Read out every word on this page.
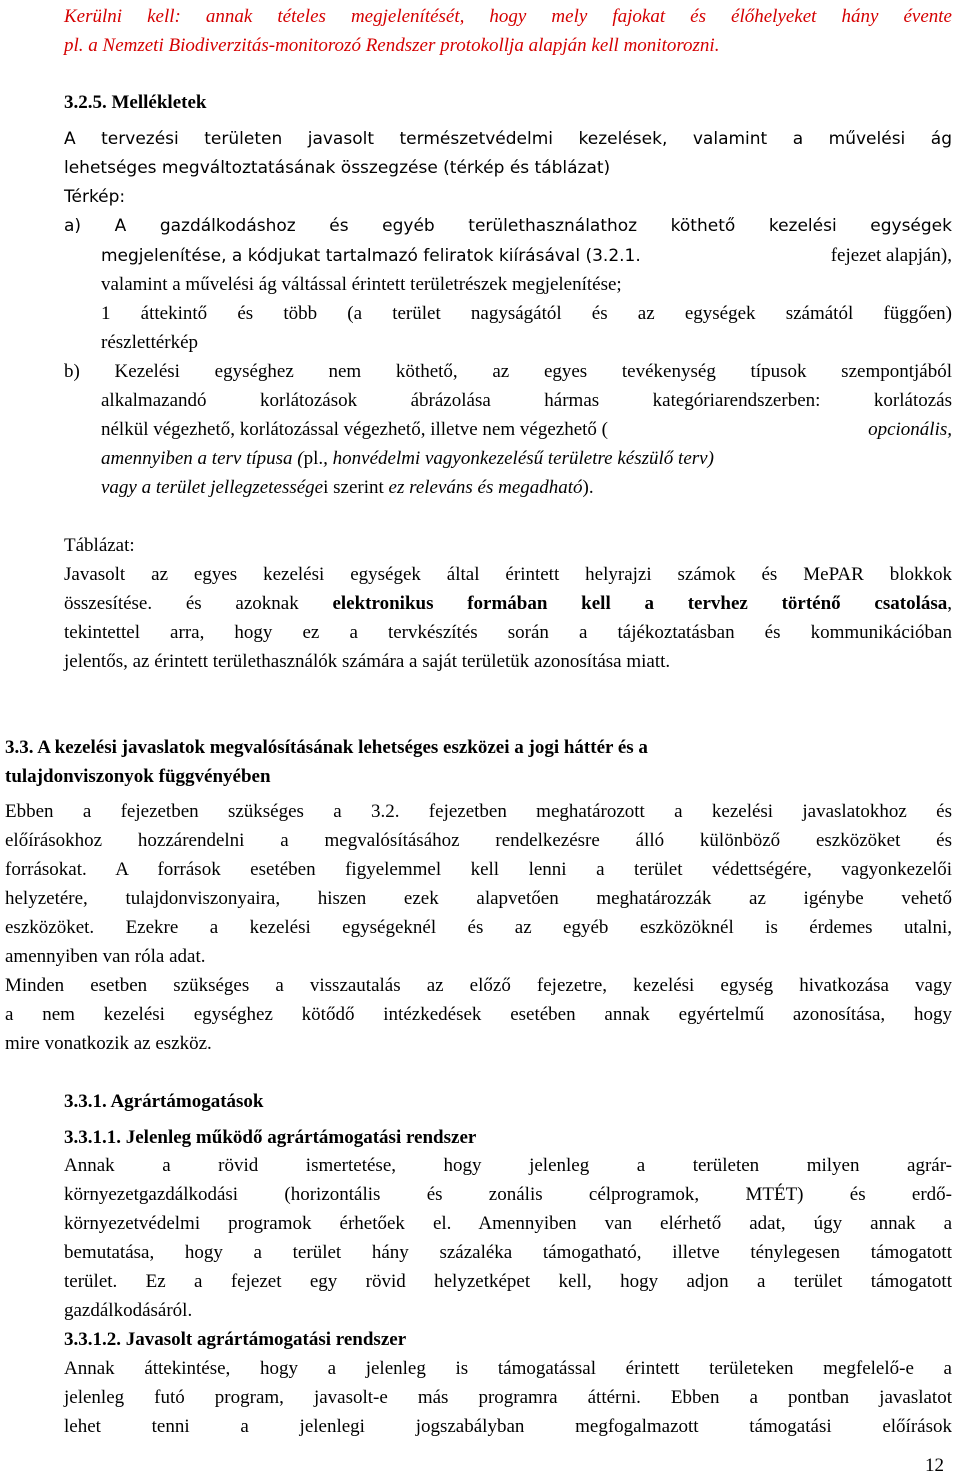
Kerülni kell: annak tételes megjelenítését, hogy mely fajokat és élőhelyeket hány évente
pl. a Nemzeti Biodiverzitás-monitorozó Rendszer protokollja alapján kell monitorozni.
3.2.5. Mellékletek
A tervezési területen javasolt természetvédelmi kezelések, valamint a művelési ág
lehetséges megváltoztatásának összegzése (térkép és táblázat)
Térkép:
a) A gazdálkodáshoz és egyéb területhasználathoz köthető kezelési egységek
megjelenítése, a kódjukat tartalmazó feliratok kiírásával (3.2.1.	fejezet alapján),
valamint a művelési ág váltással érintett területrészek megjelenítése;
1 áttekintő és több (a terület nagyságától és az egységek számától függően)
részlettérkép
b) Kezelési egységhez nem köthető, az egyes tevékenység típusok szempontjából
alkalmazandó korlátozások ábrázolása hármas kategóriarendszerben: korlátozás
nélkül végezhető, korlátozással végezhető, illetve nem végezhető (	opcionális,
amennyiben a terv típusa (pl., honvédelmi vagyonkezelésű területre készülő terv)
vagy a terület jellegzetességei szerint ez releváns és megadható).
Táblázat:
Javasolt az egyes kezelési egységek által érintett helyrajzi számok és MePAR blokkok
összesítése. és azoknak elektronikus formában kell a tervhez történő csatolása,
tekintettel arra, hogy ez a tervkészítés során a tájékoztatásban és kommunikációban
jelentős, az érintett területhasználók számára a saját területük azonosítása miatt.
3.3. A kezelési javaslatok megvalósításának lehetséges eszközei a jogi háttér és a
tulajdonviszonyok függvényében
Ebben a fejezetben szükséges a 3.2. fejezetben meghatározott a kezelési javaslatokhoz és
előírásokhoz hozzárendelni a megvalósításához rendelkezésre álló különböző eszközöket és
forrásokat. A források esetében figyelemmel kell lenni a terület védettségére, vagyonkezelői
helyzetére, tulajdonviszonyaira, hiszen ezek alapvetően meghatározzák az igénybe vehető
eszközöket. Ezekre a kezelési egységeknél és az egyéb eszközöknél is érdemes utalni,
amennyiben van róla adat.
Minden esetben szükséges a visszautalás az előző fejezetre, kezelési egység hivatkozása vagy
a nem kezelési egységhez kötődő intézkedések esetében annak egyértelmű azonosítása, hogy
mire vonatkozik az eszköz.
3.3.1. Agrártámogatások
3.3.1.1. Jelenleg működő agrártámogatási rendszer
Annak a rövid ismertetése, hogy jelenleg a területen milyen agrár-
környezetgazdálkodási (horizontális és zonális célprogramok, MTÉT) és erdő-
környezetvédelmi programok érhetőek el. Amennyiben van elérhető adat, úgy annak a
bemutatása, hogy a terület hány százaléka támogatható, illetve ténylegesen támogatott
terület. Ez a fejezet egy rövid helyzetképet kell, hogy adjon a terület támogatott
gazdálkodásáról.
3.3.1.2. Javasolt agrártámogatási rendszer
Annak áttekintése, hogy a jelenleg is támogatással érintett területeken megfelelő-e a
jelenleg futó program, javasolt-e más programra áttérni. Ebben a pontban javaslatot
lehet tenni a jelenlegi jogszabályban megfogalmazott támogatási előírások
12
